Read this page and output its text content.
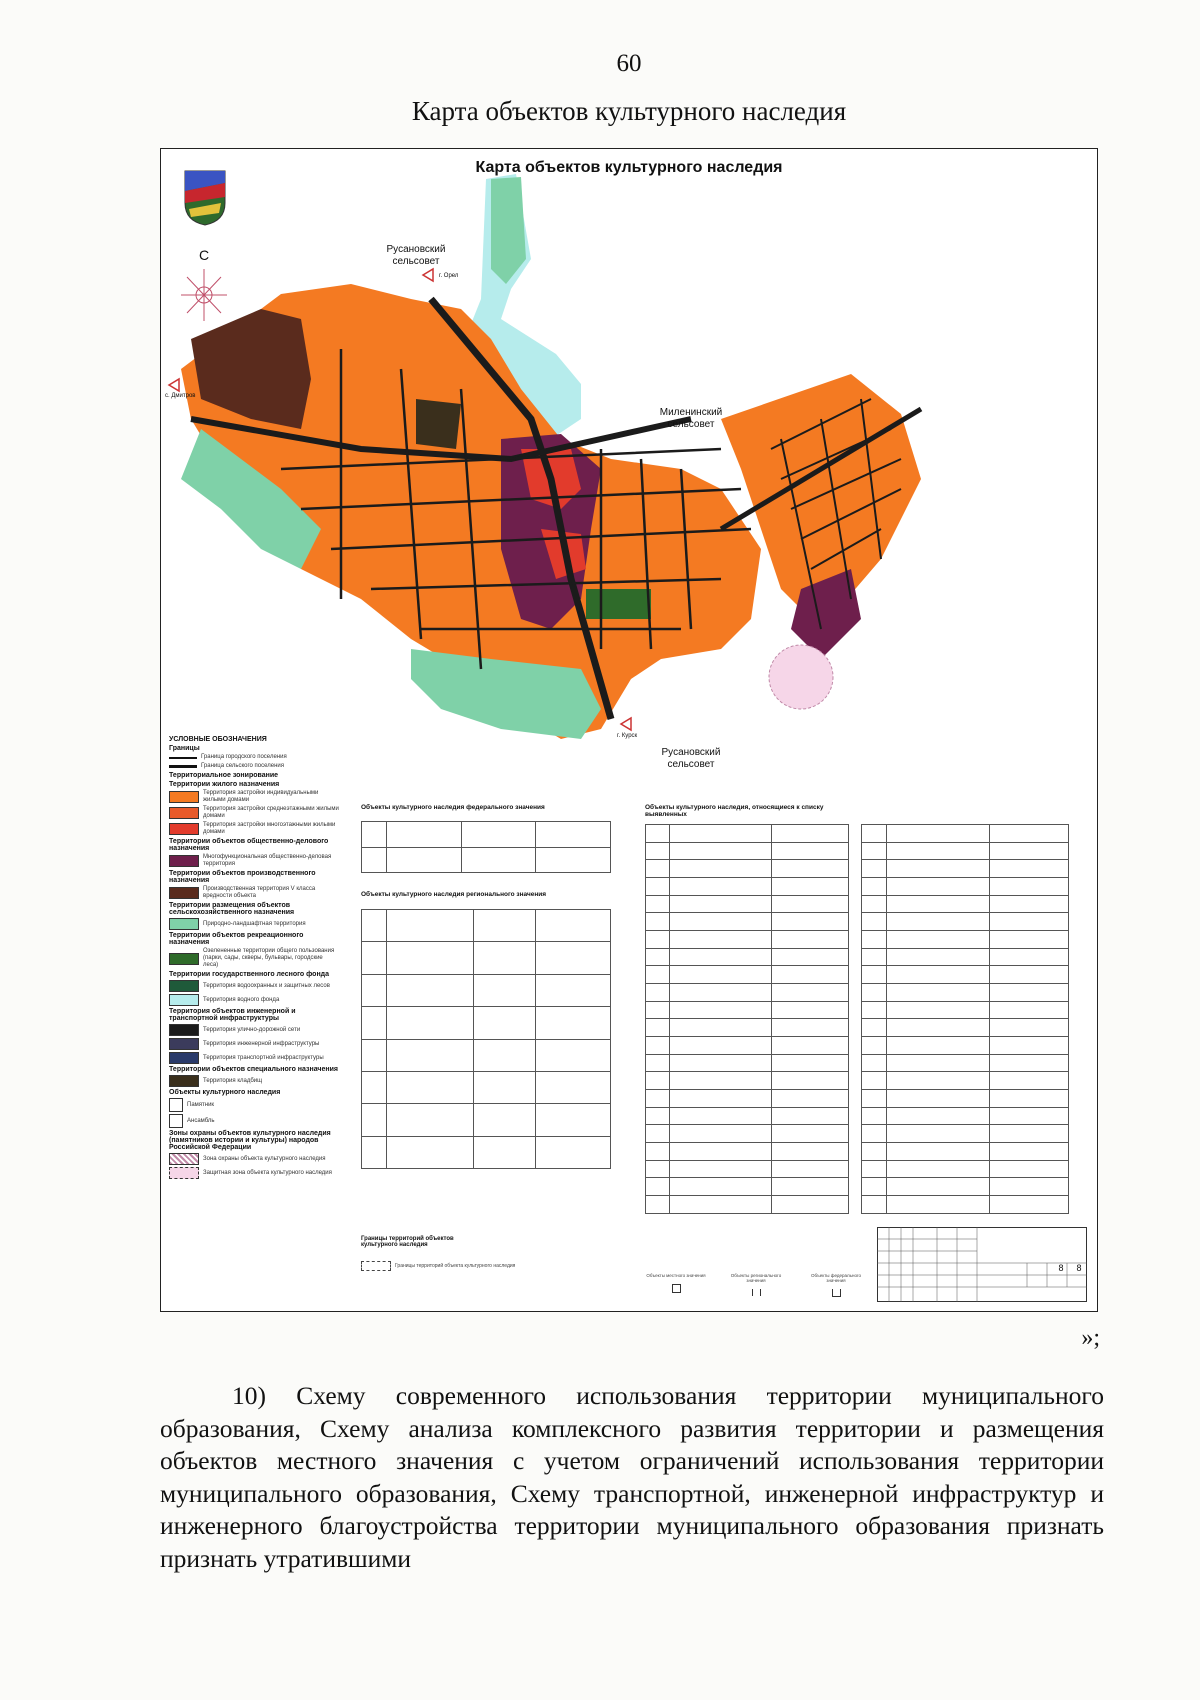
60
Карта объектов культурного наследия
Карта объектов культурного наследия
С	Русановский
сельсовет
Миленинский
сельсовет
Русановский
сельсовет
г. Орел
с. Дмитров
г. Курск
УСЛОВНЫЕ ОБОЗНАЧЕНИЯ
Границы
Граница городского поселения
Граница сельского поселения
Территориальное зонирование
Территории жилого назначения
Территория застройки индивидуальными жилыми домами
Территория застройки среднеэтажными жилыми домами
Территория застройки многоэтажными жилыми домами
Территории объектов общественно-делового назначения
Многофункциональная общественно-деловая территория
Территории объектов производственного назначения
Производственная территория V класса вредности объекта
Территории размещения объектов сельскохозяйственного назначения
Природно-ландшафтная территория
Территории объектов рекреационного назначения
Озелененные территории общего пользования (парки, сады, скверы, бульвары, городские леса)
Территории государственного лесного фонда
Территория водоохранных и защитных лесов
Территория водного фонда
Территория объектов инженерной и транспортной инфраструктуры
Территория улично-дорожной сети
Территория инженерной инфраструктуры
Территория транспортной инфраструктуры
Территории объектов специального назначения
Территория кладбищ
Объекты культурного наследия
Памятник
Ансамбль
Зоны охраны объектов культурного наследия (памятников истории и культуры) народов Российской Федерации
Зона охраны объекта культурного наследия
Защитная зона объекта культурного наследия
Объекты культурного наследия федерального значения

Объекты культурного наследия регионального значения

Объекты культурного наследия, относящиеся к списку выявленных

Границы территорий объектов культурного наследия
Границы территорий объекта культурного наследия
Объекты местного значения	Объекты регионального значения
Объекты федерального значения
8	8
»;
10) Схему современного использования территории муниципального образования, Схему анализа комплексного развития территории и размещения объектов местного значения с учетом ограничений использования территории муниципального образования, Схему транспортной, инженерной инфраструктур и инженерного благоустройства территории муниципального образования признать признать утратившими
